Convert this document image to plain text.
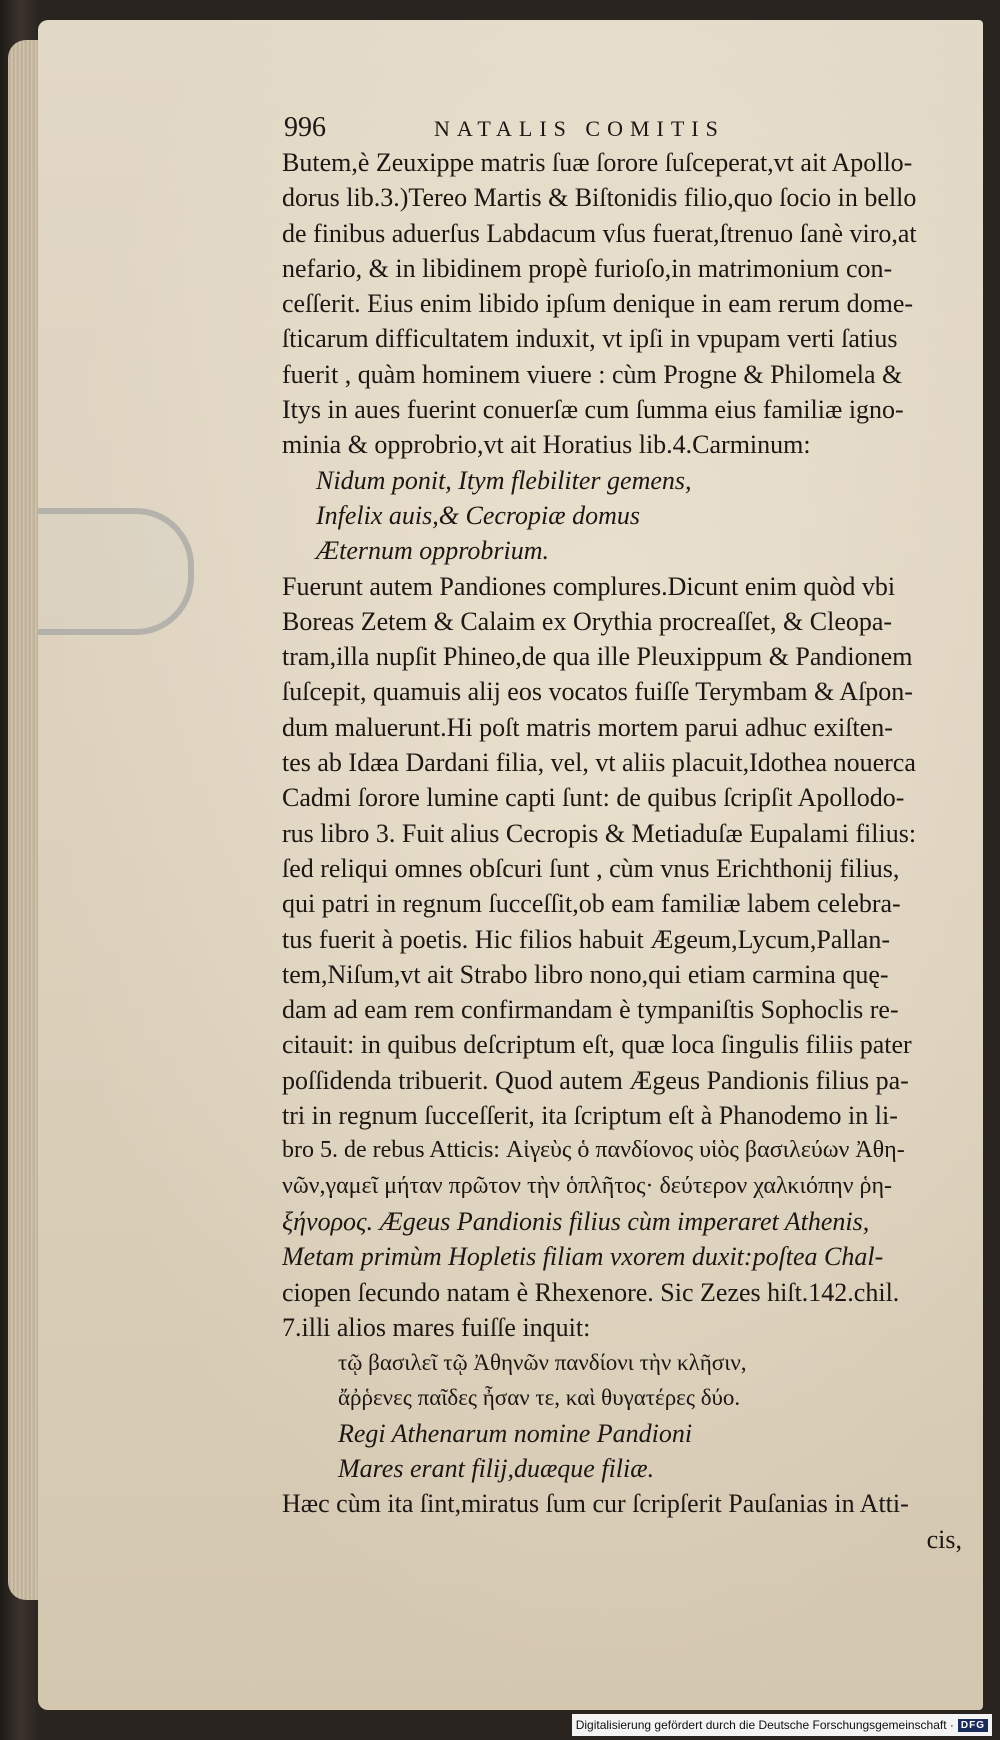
996	NATALIS COMITIS
Butem,è Zeuxippe matris ſuæ ſorore ſuſceperat,vt ait Apollo-
dorus lib.3.)Tereo Martis & Biſtonidis filio,quo ſocio in bello
de finibus aduerſus Labdacum vſus fuerat,ſtrenuo ſanè viro,at
nefario, & in libidinem propè furioſo,in matrimonium con-
ceſſerit. Eius enim libido ipſum denique in eam rerum dome-
ſticarum difficultatem induxit, vt ipſi in vpupam verti ſatius
fuerit , quàm hominem viuere : cùm Progne & Philomela &
Itys in aues fuerint conuerſæ cum ſumma eius familiæ igno-
minia & opprobrio,vt ait Horatius lib.4.Carminum:
Nidum ponit, Itym flebiliter gemens,
Infelix auis,& Cecropiæ domus
Æternum opprobrium.
Fuerunt autem Pandiones complures.Dicunt enim quòd vbi
Boreas Zetem & Calaim ex Orythia procreaſſet, & Cleopa-
tram,illa nupſit Phineo,de qua ille Pleuxippum & Pandionem
ſuſcepit, quamuis alij eos vocatos fuiſſe Terymbam & Aſpon-
dum maluerunt.Hi poſt matris mortem parui adhuc exiſten-
tes ab Idæa Dardani filia, vel, vt aliis placuit,Idothea nouerca
Cadmi ſorore lumine capti ſunt: de quibus ſcripſit Apollodo-
rus libro 3. Fuit alius Cecropis & Metiaduſæ Eupalami filius:
ſed reliqui omnes obſcuri ſunt , cùm vnus Erichthonij filius,
qui patri in regnum ſucceſſit,ob eam familiæ labem celebra-
tus fuerit à poetis. Hic filios habuit Ægeum,Lycum,Pallan-
tem,Niſum,vt ait Strabo libro nono,qui etiam carmina quę-
dam ad eam rem confirmandam è tympaniſtis Sophoclis re-
citauit: in quibus deſcriptum eſt, quæ loca ſingulis filiis pater
poſſidenda tribuerit. Quod autem Ægeus Pandionis filius pa-
tri in regnum ſucceſſerit, ita ſcriptum eſt à Phanodemo in li-
bro 5. de rebus Atticis: Αἰγεὺς ὁ πανδίονος υἱὸς βασιλεύων Ἀθη-
νῶν,γαμεῖ μήταν πρῶτον τὴν ὁπλῆτος· δεύτερον χαλκιόπην ῥη-
ξήνορος. Ægeus Pandionis filius cùm imperaret Athenis,
Metam primùm Hopletis filiam vxorem duxit:poſtea Chal-
ciopen ſecundo natam è Rhexenore. Sic Zezes hiſt.142.chil.
7.illi alios mares fuiſſe inquit:
τῷ βασιλεῖ τῷ Ἀθηνῶν πανδίονι τὴν κλῆσιν,
ἄῤῥενες παῖδες ἦσαν τε, καὶ θυγατέρες δύο.
Regi Athenarum nomine Pandioni
Mares erant filij,duæque filiæ.
Hæc cùm ita ſint,miratus ſum cur ſcripſerit Pauſanias in Atti-
cis,
Digitalisierung gefördert durch die Deutsche Forschungsgemeinschaft · DFG
